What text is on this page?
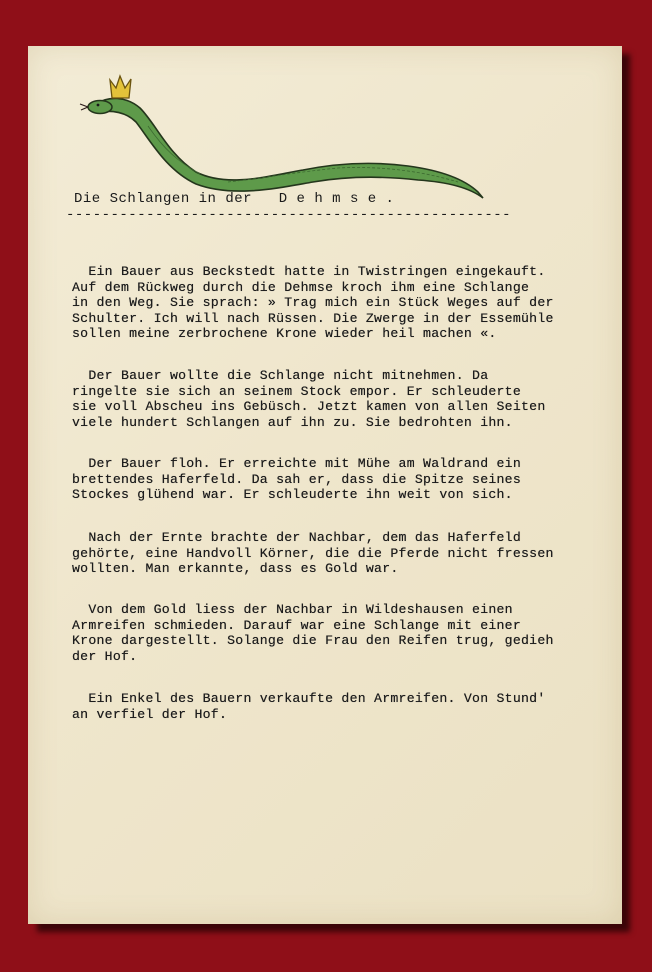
Die Schlangen in der   D e h m s e .
--------------------------------------------------

Ein Bauer aus Beckstedt hatte in Twistringen eingekauft.
Auf dem Rückweg durch die Dehmse kroch ihm eine Schlange
in den Weg. Sie sprach: » Trag mich ein Stück Weges auf der
Schulter. Ich will nach Rüssen. Die Zwerge in der Essemühle
sollen meine zerbrochene Krone wieder heil machen «.

Der Bauer wollte die Schlange nicht mitnehmen. Da
ringelte sie sich an seinem Stock empor. Er schleuderte
sie voll Abscheu ins Gebüsch. Jetzt kamen von allen Seiten
viele hundert Schlangen auf ihn zu. Sie bedrohten ihn.

Der Bauer floh. Er erreichte mit Mühe am Waldrand ein
brettendes Haferfeld. Da sah er, dass die Spitze seines
Stockes glühend war. Er schleuderte ihn weit von sich.

Nach der Ernte brachte der Nachbar, dem das Haferfeld
gehörte, eine Handvoll Körner, die die Pferde nicht fressen
wollten. Man erkannte, dass es Gold war.

Von dem Gold liess der Nachbar in Wildeshausen einen
Armreifen schmieden. Darauf war eine Schlange mit einer
Krone dargestellt. Solange die Frau den Reifen trug, gedieh
der Hof.

Ein Enkel des Bauern verkaufte den Armreifen. Von Stund'
an verfiel der Hof.
